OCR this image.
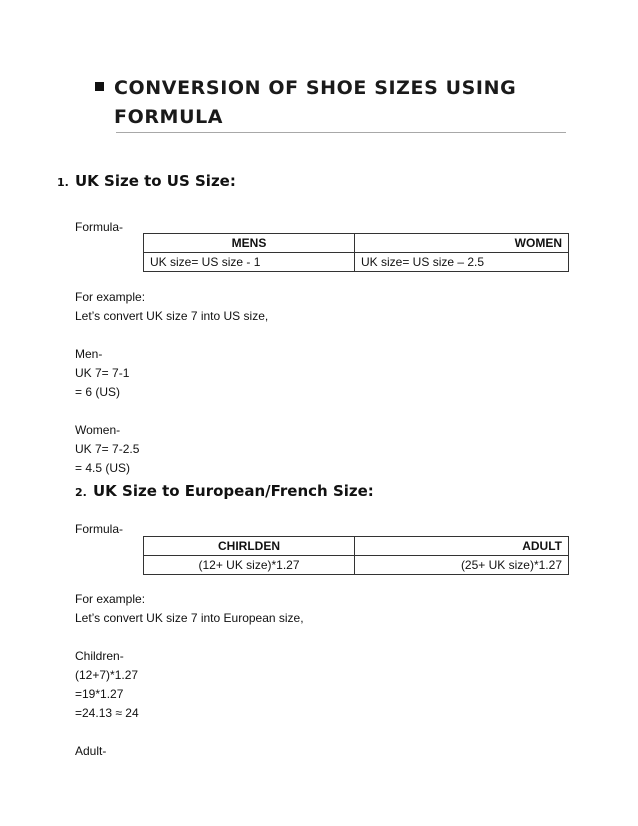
CONVERSION OF SHOE SIZES USING
FORMULA
1. UK Size to US Size:
Formula-
MENS	WOMEN
UK size= US size - 1	UK size= US size – 2.5
For example:
Let’s convert UK size 7 into US size,
Men-
UK 7= 7-1
= 6 (US)
Women-
UK 7= 7-2.5
= 4.5 (US)
2. UK Size to European/French Size:
Formula-
CHIRLDEN	ADULT
(12+ UK size)*1.27	(25+ UK size)*1.27
For example:
Let’s convert UK size 7 into European size,
Children-
(12+7)*1.27
=19*1.27
=24.13 ≈ 24
Adult-
